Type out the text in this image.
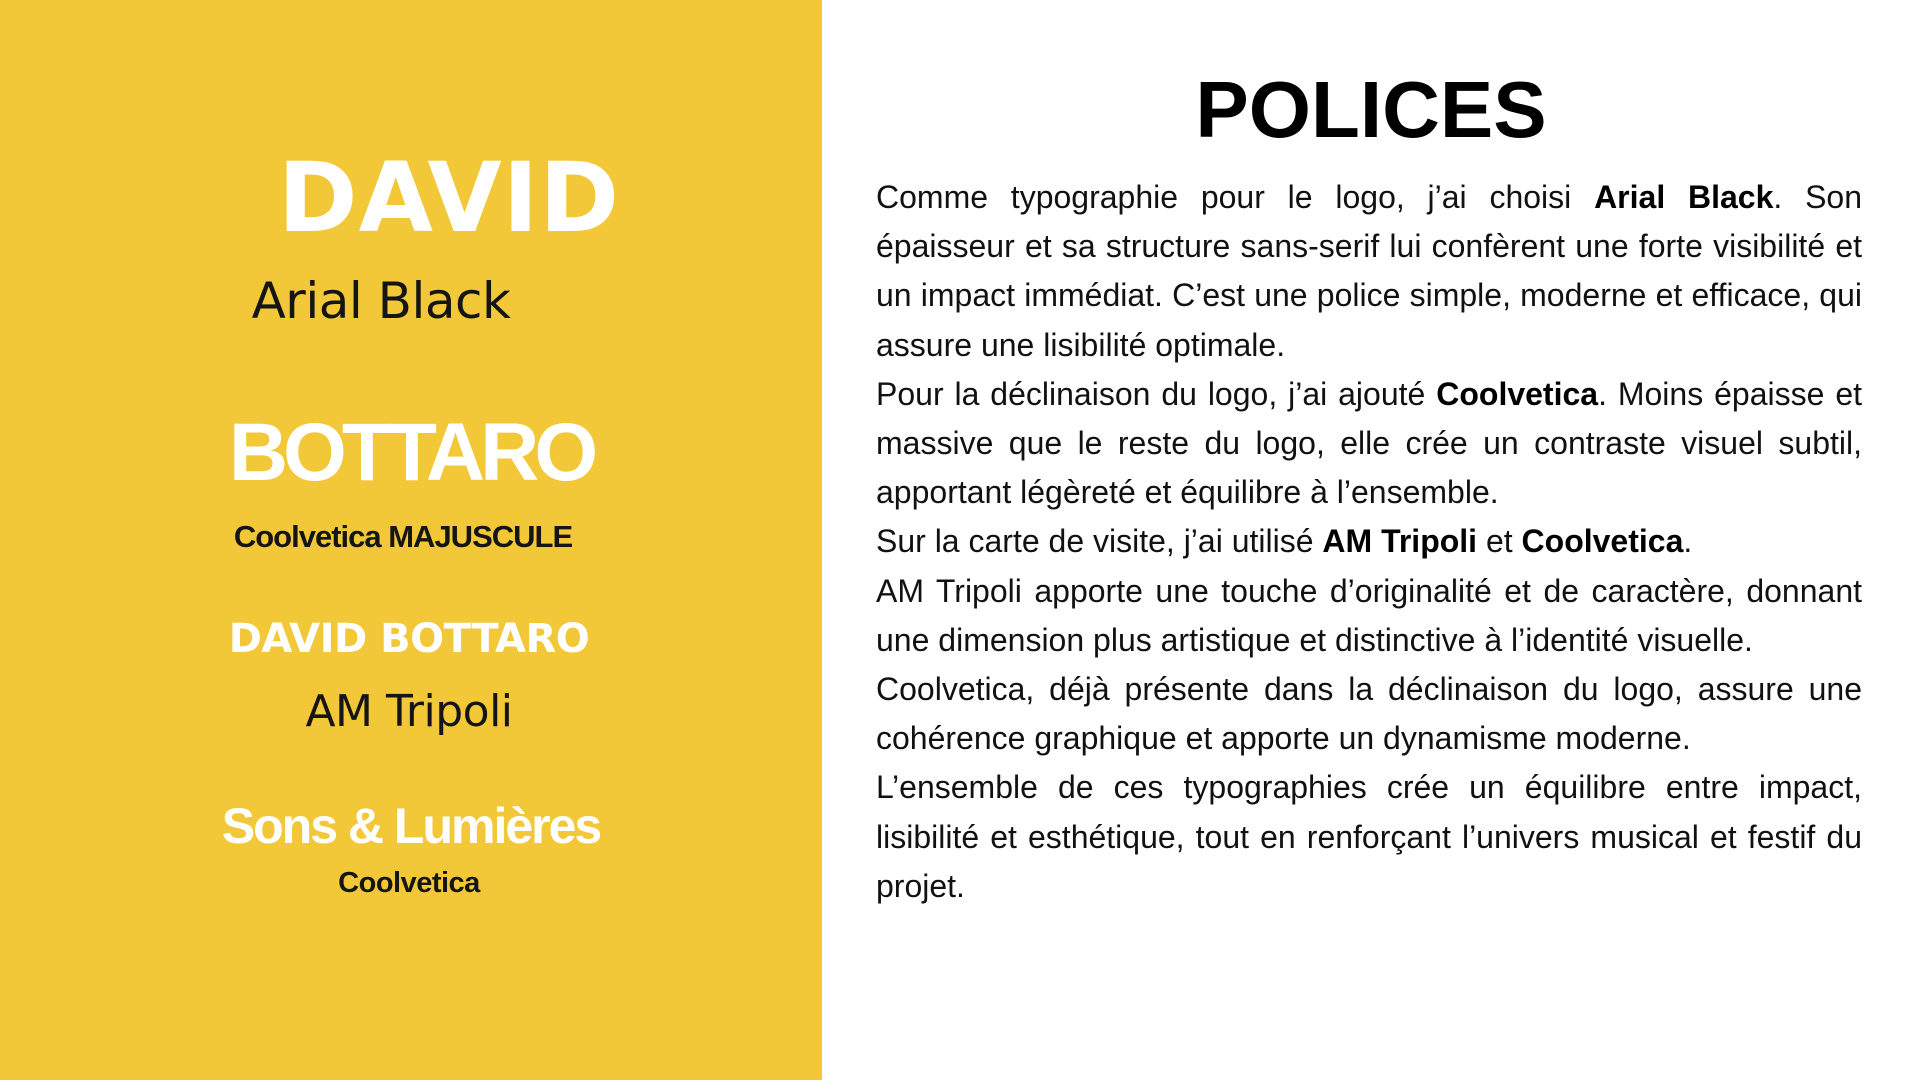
DAVID
Arial Black
BOTTARO
Coolvetica MAJUSCULE
DAVID BOTTARO
AM Tripoli
Sons & Lumières
Coolvetica
POLICES

Comme typographie pour le logo, j’ai choisi Arial Black. Son épaisseur et sa structure sans-serif lui confèrent une forte visibilité et un impact immédiat. C’est une police simple, moderne et efficace, qui assure une lisibilité optimale.

Pour la déclinaison du logo, j’ai ajouté Coolvetica. Moins épaisse et massive que le reste du logo, elle crée un contraste visuel subtil, apportant légèreté et équilibre à l’ensemble.

Sur la carte de visite, j’ai utilisé AM Tripoli et Coolvetica.

AM Tripoli apporte une touche d’originalité et de caractère, donnant une dimension plus artistique et distinctive à l’identité visuelle.

Coolvetica, déjà présente dans la déclinaison du logo, assure une cohérence graphique et apporte un dynamisme moderne.

L’ensemble de ces typographies crée un équilibre entre impact, lisibilité et esthétique, tout en renforçant l’univers musical et festif du projet.
